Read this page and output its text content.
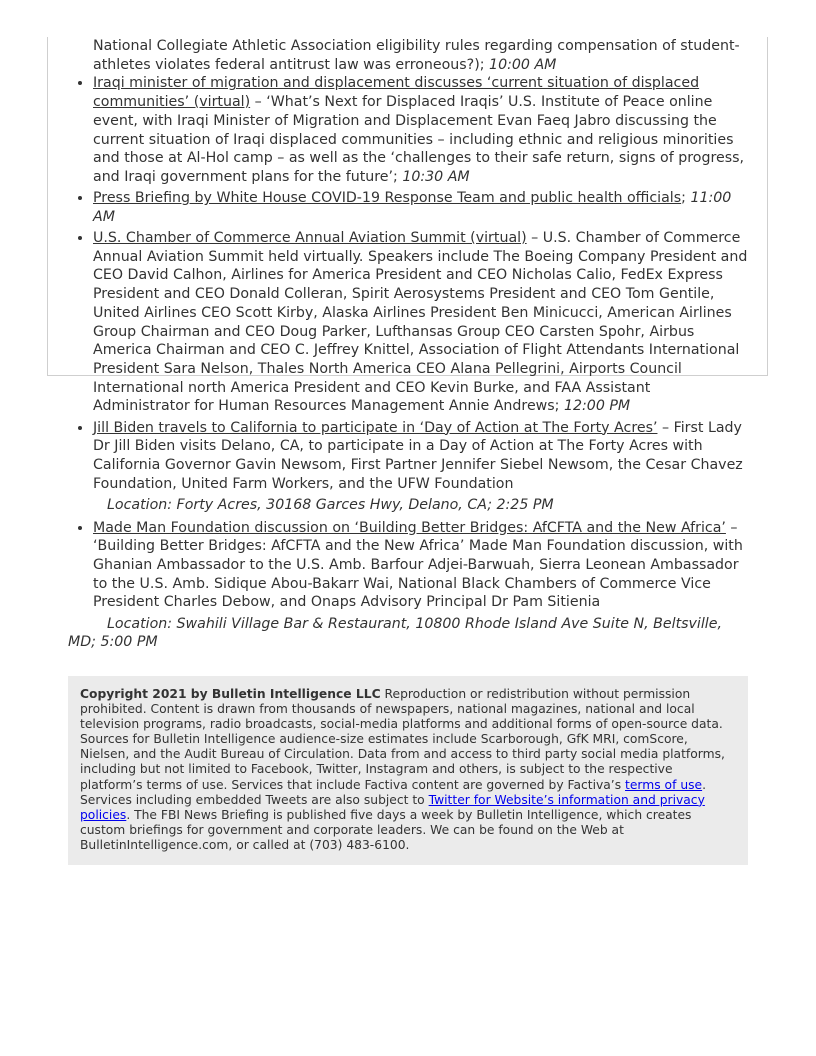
National Collegiate Athletic Association eligibility rules regarding compensation of student-athletes violates federal antitrust law was erroneous?); 10:00 AM

• Iraqi minister of migration and displacement discusses ‘current situation of displaced communities’ (virtual) – ‘What’s Next for Displaced Iraqis’ U.S. Institute of Peace online event, with Iraqi Minister of Migration and Displacement Evan Faeq Jabro discussing the current situation of Iraqi displaced communities – including ethnic and religious minorities and those at Al-Hol camp – as well as the ‘challenges to their safe return, signs of progress, and Iraqi government plans for the future’; 10:30 AM
• Press Briefing by White House COVID-19 Response Team and public health officials; 11:00 AM
• U.S. Chamber of Commerce Annual Aviation Summit (virtual) – U.S. Chamber of Commerce Annual Aviation Summit held virtually. Speakers include The Boeing Company President and CEO David Calhon, Airlines for America President and CEO Nicholas Calio, FedEx Express President and CEO Donald Colleran, Spirit Aerosystems President and CEO Tom Gentile, United Airlines CEO Scott Kirby, Alaska Airlines President Ben Minicucci, American Airlines Group Chairman and CEO Doug Parker, Lufthansas Group CEO Carsten Spohr, Airbus America Chairman and CEO C. Jeffrey Knittel, Association of Flight Attendants International President Sara Nelson, Thales North America CEO Alana Pellegrini, Airports Council International north America President and CEO Kevin Burke, and FAA Assistant Administrator for Human Resources Management Annie Andrews; 12:00 PM
• Jill Biden travels to California to participate in ‘Day of Action at The Forty Acres’ – First Lady Dr Jill Biden visits Delano, CA, to participate in a Day of Action at The Forty Acres with California Governor Gavin Newsom, First Partner Jennifer Siebel Newsom, the Cesar Chavez Foundation, United Farm Workers, and the UFW Foundation

Location: Forty Acres, 30168 Garces Hwy, Delano, CA; 2:25 PM

• Made Man Foundation discussion on ‘Building Better Bridges: AfCFTA and the New Africa’ – ‘Building Better Bridges: AfCFTA and the New Africa’ Made Man Foundation discussion, with Ghanian Ambassador to the U.S. Amb. Barfour Adjei-Barwuah, Sierra Leonean Ambassador to the U.S. Amb. Sidique Abou-Bakarr Wai, National Black Chambers of Commerce Vice President Charles Debow, and Onaps Advisory Principal Dr Pam Sitienia

Location: Swahili Village Bar & Restaurant, 10800 Rhode Island Ave Suite N, Beltsville, MD; 5:00 PM

Copyright 2021 by Bulletin Intelligence LLC Reproduction or redistribution without permission prohibited. Content is drawn from thousands of newspapers, national magazines, national and local television programs, radio broadcasts, social-media platforms and additional forms of open-source data. Sources for Bulletin Intelligence audience-size estimates include Scarborough, GfK MRI, comScore, Nielsen, and the Audit Bureau of Circulation. Data from and access to third party social media platforms, including but not limited to Facebook, Twitter, Instagram and others, is subject to the respective platform’s terms of use. Services that include Factiva content are governed by Factiva’s terms of use. Services including embedded Tweets are also subject to Twitter for Website’s information and privacy policies. The FBI News Briefing is published five days a week by Bulletin Intelligence, which creates custom briefings for government and corporate leaders. We can be found on the Web at BulletinIntelligence.com, or called at (703) 483-6100.
